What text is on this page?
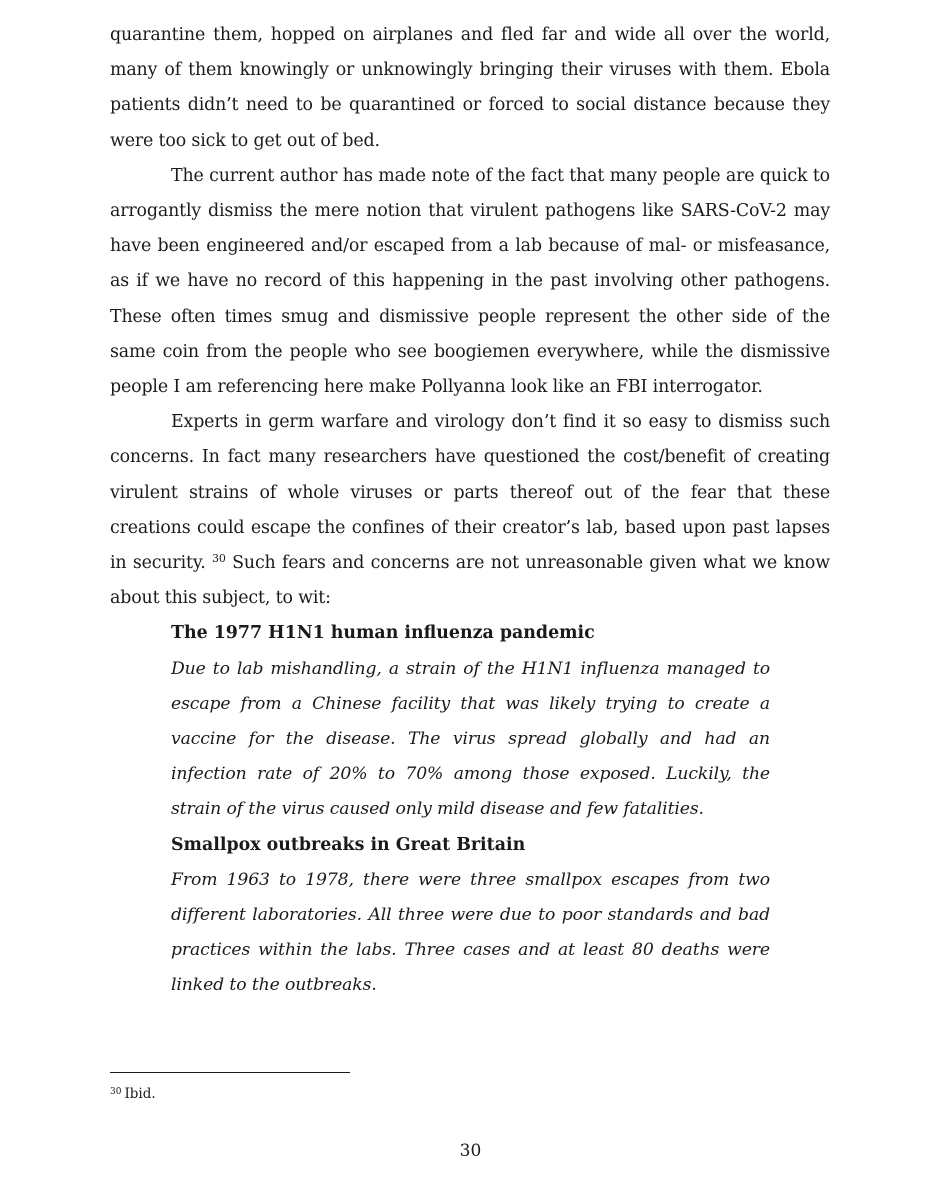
quarantine them, hopped on airplanes and fled far and wide all over the world, many of them knowingly or unknowingly bringing their viruses with them. Ebola patients didn’t need to be quarantined or forced to social distance because they were too sick to get out of bed.

The current author has made note of the fact that many people are quick to arrogantly dismiss the mere notion that virulent pathogens like SARS-CoV-2 may have been engineered and/or escaped from a lab because of mal- or misfeasance, as if we have no record of this happening in the past involving other pathogens. These often times smug and dismissive people represent the other side of the same coin from the people who see boogiemen everywhere, while the dismissive people I am referencing here make Pollyanna look like an FBI interrogator.

Experts in germ warfare and virology don’t find it so easy to dismiss such concerns. In fact many researchers have questioned the cost/benefit of creating virulent strains of whole viruses or parts thereof out of the fear that these creations could escape the confines of their creator’s lab, based upon past lapses in security. $^{30}$ Such fears and concerns are not unreasonable given what we know about this subject, to wit:

The 1977 H1N1 human influenza pandemic

Due to lab mishandling, a strain of the H1N1 influenza managed to escape from a Chinese facility that was likely trying to create a vaccine for the disease. The virus spread globally and had an infection rate of 20% to 70% among those exposed. Luckily, the strain of the virus caused only mild disease and few fatalities.

Smallpox outbreaks in Great Britain

From 1963 to 1978, there were three smallpox escapes from two different laboratories. All three were due to poor standards and bad practices within the labs. Three cases and at least 80 deaths were linked to the outbreaks.

$^{30}$ Ibid.
30
